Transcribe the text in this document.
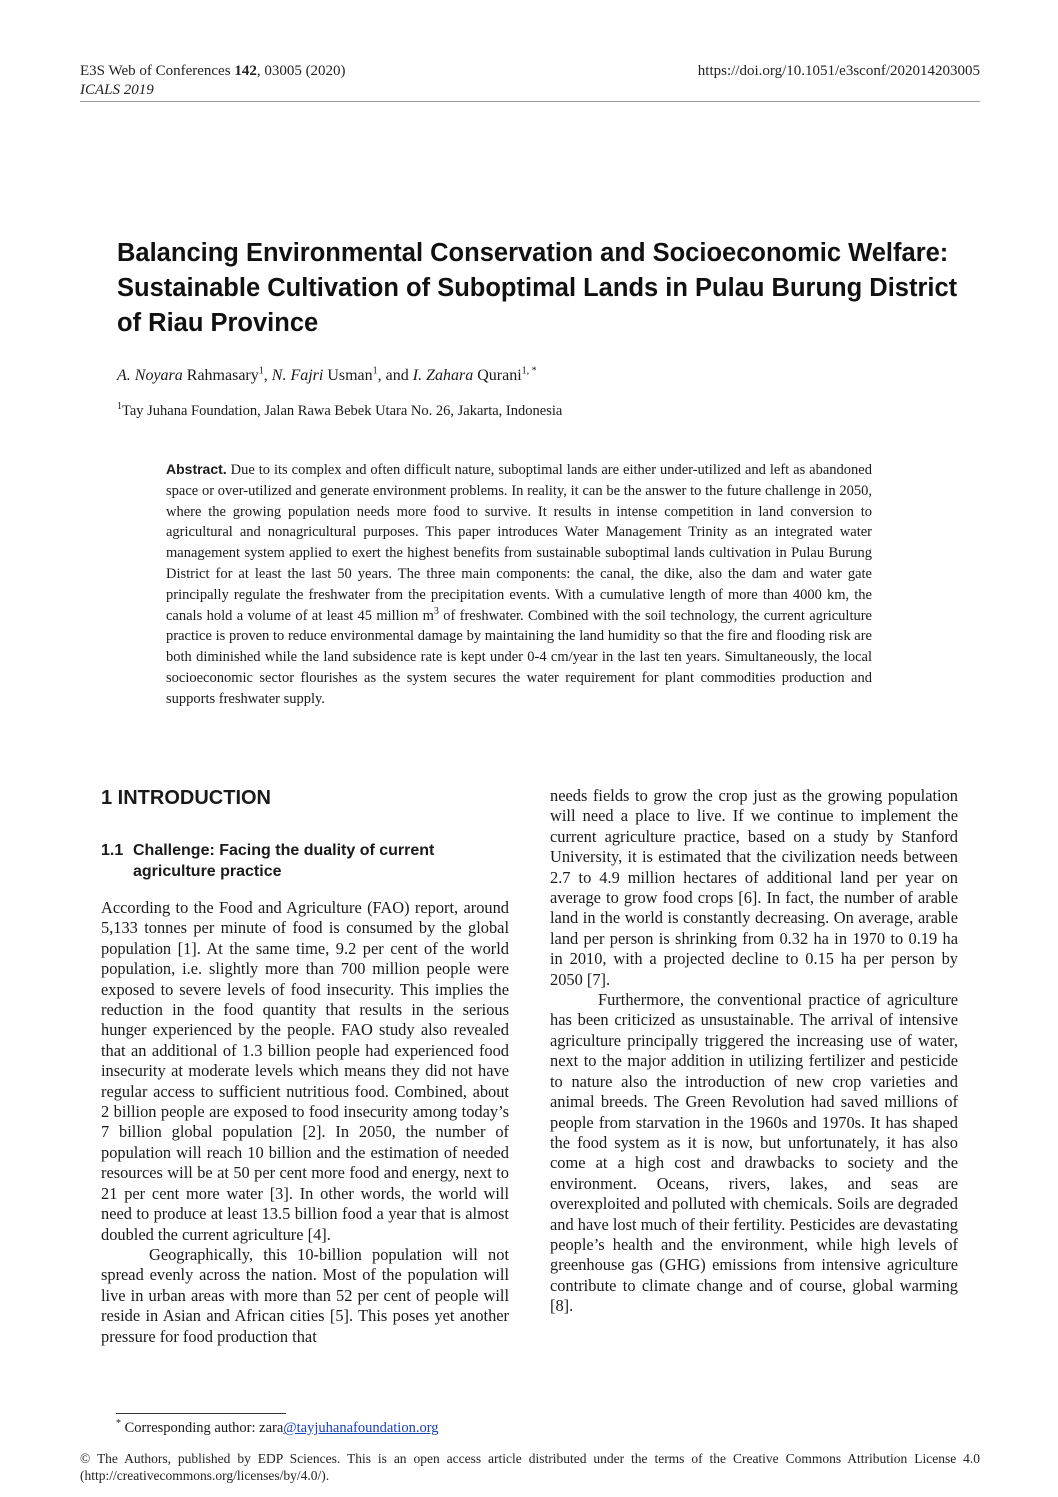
E3S Web of Conferences 142, 03005 (2020)
ICALS 2019
https://doi.org/10.1051/e3sconf/202014203005
Balancing Environmental Conservation and Socioeconomic Welfare: Sustainable Cultivation of Suboptimal Lands in Pulau Burung District of Riau Province
A. Noyara Rahmasary$^1$, N. Fajri Usman$^1$, and I. Zahara Qurani$^{1, *}$
$^1$Tay Juhana Foundation, Jalan Rawa Bebek Utara No. 26, Jakarta, Indonesia
Abstract. Due to its complex and often difficult nature, suboptimal lands are either under-utilized and left as abandoned space or over-utilized and generate environment problems. In reality, it can be the answer to the future challenge in 2050, where the growing population needs more food to survive. It results in intense competition in land conversion to agricultural and nonagricultural purposes. This paper introduces Water Management Trinity as an integrated water management system applied to exert the highest benefits from sustainable suboptimal lands cultivation in Pulau Burung District for at least the last 50 years. The three main components: the canal, the dike, also the dam and water gate principally regulate the freshwater from the precipitation events. With a cumulative length of more than 4000 km, the canals hold a volume of at least 45 million $m^3$ of freshwater. Combined with the soil technology, the current agriculture practice is proven to reduce environmental damage by maintaining the land humidity so that the fire and flooding risk are both diminished while the land subsidence rate is kept under 0-4 cm/year in the last ten years. Simultaneously, the local socioeconomic sector flourishes as the system secures the water requirement for plant commodities production and supports freshwater supply.
1 INTRODUCTION
1.1 Challenge: Facing the duality of current
agriculture practice

According to the Food and Agriculture (FAO) report, around 5,133 tonnes per minute of food is consumed by the global population [1]. At the same time, 9.2 per cent of the world population, i.e. slightly more than 700 million people were exposed to severe levels of food insecurity. This implies the reduction in the food quantity that results in the serious hunger experienced by the people. FAO study also revealed that an additional of 1.3 billion people had experienced food insecurity at moderate levels which means they did not have regular access to sufficient nutritious food. Combined, about 2 billion people are exposed to food insecurity among today’s 7 billion global population [2]. In 2050, the number of population will reach 10 billion and the estimation of needed resources will be at 50 per cent more food and energy, next to 21 per cent more water [3]. In other words, the world will need to produce at least 13.5 billion food a year that is almost doubled the current agriculture [4].

Geographically, this 10-billion population will not spread evenly across the nation. Most of the population will live in urban areas with more than 52 per cent of people will reside in Asian and African cities [5]. This poses yet another pressure for food production that

needs fields to grow the crop just as the growing population will need a place to live. If we continue to implement the current agriculture practice, based on a study by Stanford University, it is estimated that the civilization needs between 2.7 to 4.9 million hectares of additional land per year on average to grow food crops [6]. In fact, the number of arable land in the world is constantly decreasing. On average, arable land per person is shrinking from 0.32 ha in 1970 to 0.19 ha in 2010, with a projected decline to 0.15 ha per person by 2050 [7].

Furthermore, the conventional practice of agriculture has been criticized as unsustainable. The arrival of intensive agriculture principally triggered the increasing use of water, next to the major addition in utilizing fertilizer and pesticide to nature also the introduction of new crop varieties and animal breeds. The Green Revolution had saved millions of people from starvation in the 1960s and 1970s. It has shaped the food system as it is now, but unfortunately, it has also come at a high cost and drawbacks to society and the environment. Oceans, rivers, lakes, and seas are overexploited and polluted with chemicals. Soils are degraded and have lost much of their fertility. Pesticides are devastating people’s health and the environment, while high levels of greenhouse gas (GHG) emissions from intensive agriculture contribute to climate change and of course, global warming [8].

* Corresponding author: zara@tayjuhanafoundation.org
© The Authors, published by EDP Sciences. This is an open access article distributed under the terms of the Creative Commons Attribution License 4.0 (http://creativecommons.org/licenses/by/4.0/).
